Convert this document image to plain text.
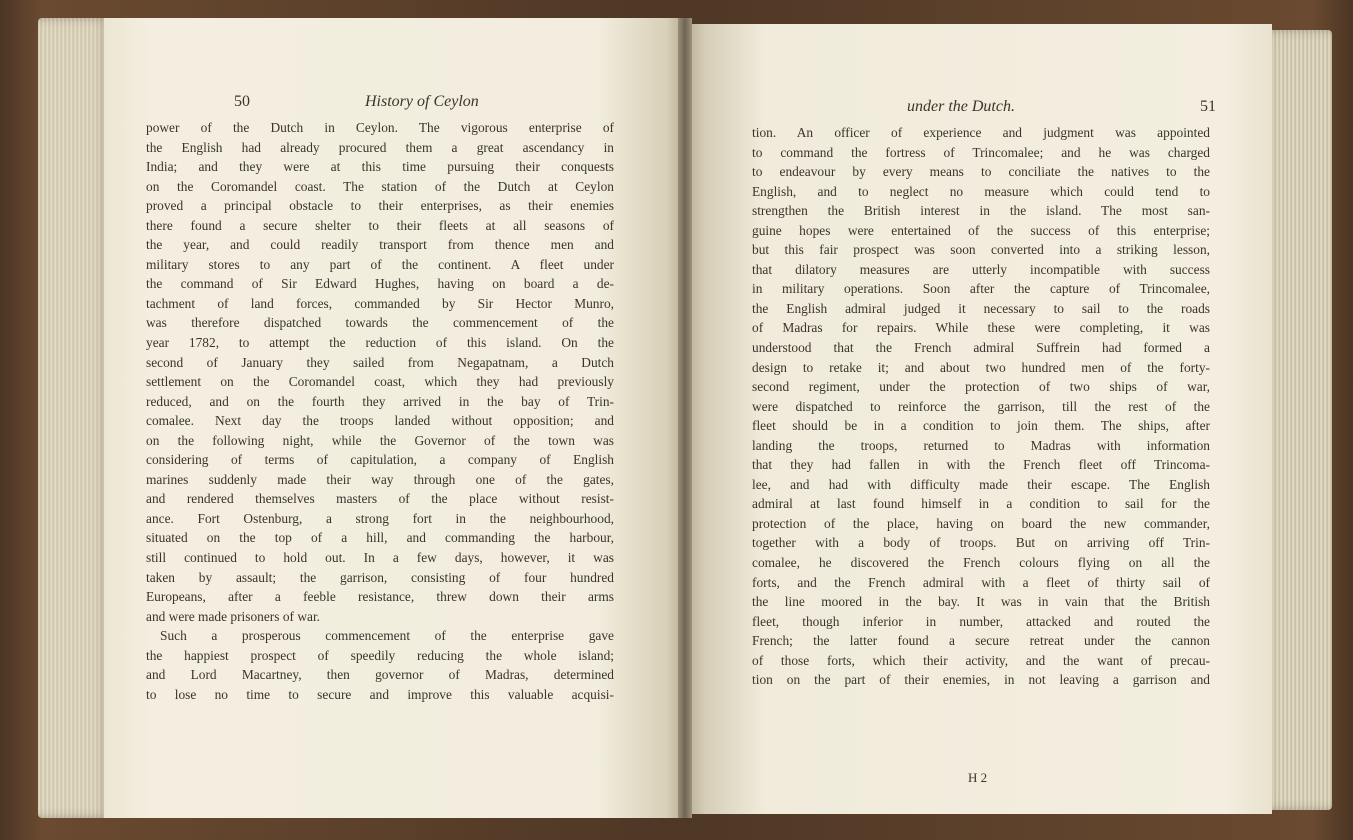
50	History of Ceylon	under the Dutch.	51
power of the Dutch in Ceylon. The vigorous enterprise of
the English had already procured them a great ascendancy in
India; and they were at this time pursuing their conquests
on the Coromandel coast. The station of the Dutch at Ceylon
proved a principal obstacle to their enterprises, as their enemies
there found a secure shelter to their fleets at all seasons of
the year, and could readily transport from thence men and
military stores to any part of the continent. A fleet under
the command of Sir Edward Hughes, having on board a de-
tachment of land forces, commanded by Sir Hector Munro,
was therefore dispatched towards the commencement of the
year 1782, to attempt the reduction of this island. On the
second of January they sailed from Negapatnam, a Dutch
settlement on the Coromandel coast, which they had previously
reduced, and on the fourth they arrived in the bay of Trin-
comalee. Next day the troops landed without opposition; and
on the following night, while the Governor of the town was
considering of terms of capitulation, a company of English
marines suddenly made their way through one of the gates,
and rendered themselves masters of the place without resist-
ance. Fort Ostenburg, a strong fort in the neighbourhood,
situated on the top of a hill, and commanding the harbour,
still continued to hold out. In a few days, however, it was
taken by assault; the garrison, consisting of four hundred
Europeans, after a feeble resistance, threw down their arms
and were made prisoners of war.
Such a prosperous commencement of the enterprise gave
the happiest prospect of speedily reducing the whole island;
and Lord Macartney, then governor of Madras, determined
to lose no time to secure and improve this valuable acquisi-
tion. An officer of experience and judgment was appointed
to command the fortress of Trincomalee; and he was charged
to endeavour by every means to conciliate the natives to the
English, and to neglect no measure which could tend to
strengthen the British interest in the island. The most san-
guine hopes were entertained of the success of this enterprise;
but this fair prospect was soon converted into a striking lesson,
that dilatory measures are utterly incompatible with success
in military operations. Soon after the capture of Trincomalee,
the English admiral judged it necessary to sail to the roads
of Madras for repairs. While these were completing, it was
understood that the French admiral Suffrein had formed a
design to retake it; and about two hundred men of the forty-
second regiment, under the protection of two ships of war,
were dispatched to reinforce the garrison, till the rest of the
fleet should be in a condition to join them. The ships, after
landing the troops, returned to Madras with information
that they had fallen in with the French fleet off Trincoma-
lee, and had with difficulty made their escape. The English
admiral at last found himself in a condition to sail for the
protection of the place, having on board the new commander,
together with a body of troops. But on arriving off Trin-
comalee, he discovered the French colours flying on all the
forts, and the French admiral with a fleet of thirty sail of
the line moored in the bay. It was in vain that the British
fleet, though inferior in number, attacked and routed the
French; the latter found a secure retreat under the cannon
of those forts, which their activity, and the want of precau-
tion on the part of their enemies, in not leaving a garrison and
H 2
